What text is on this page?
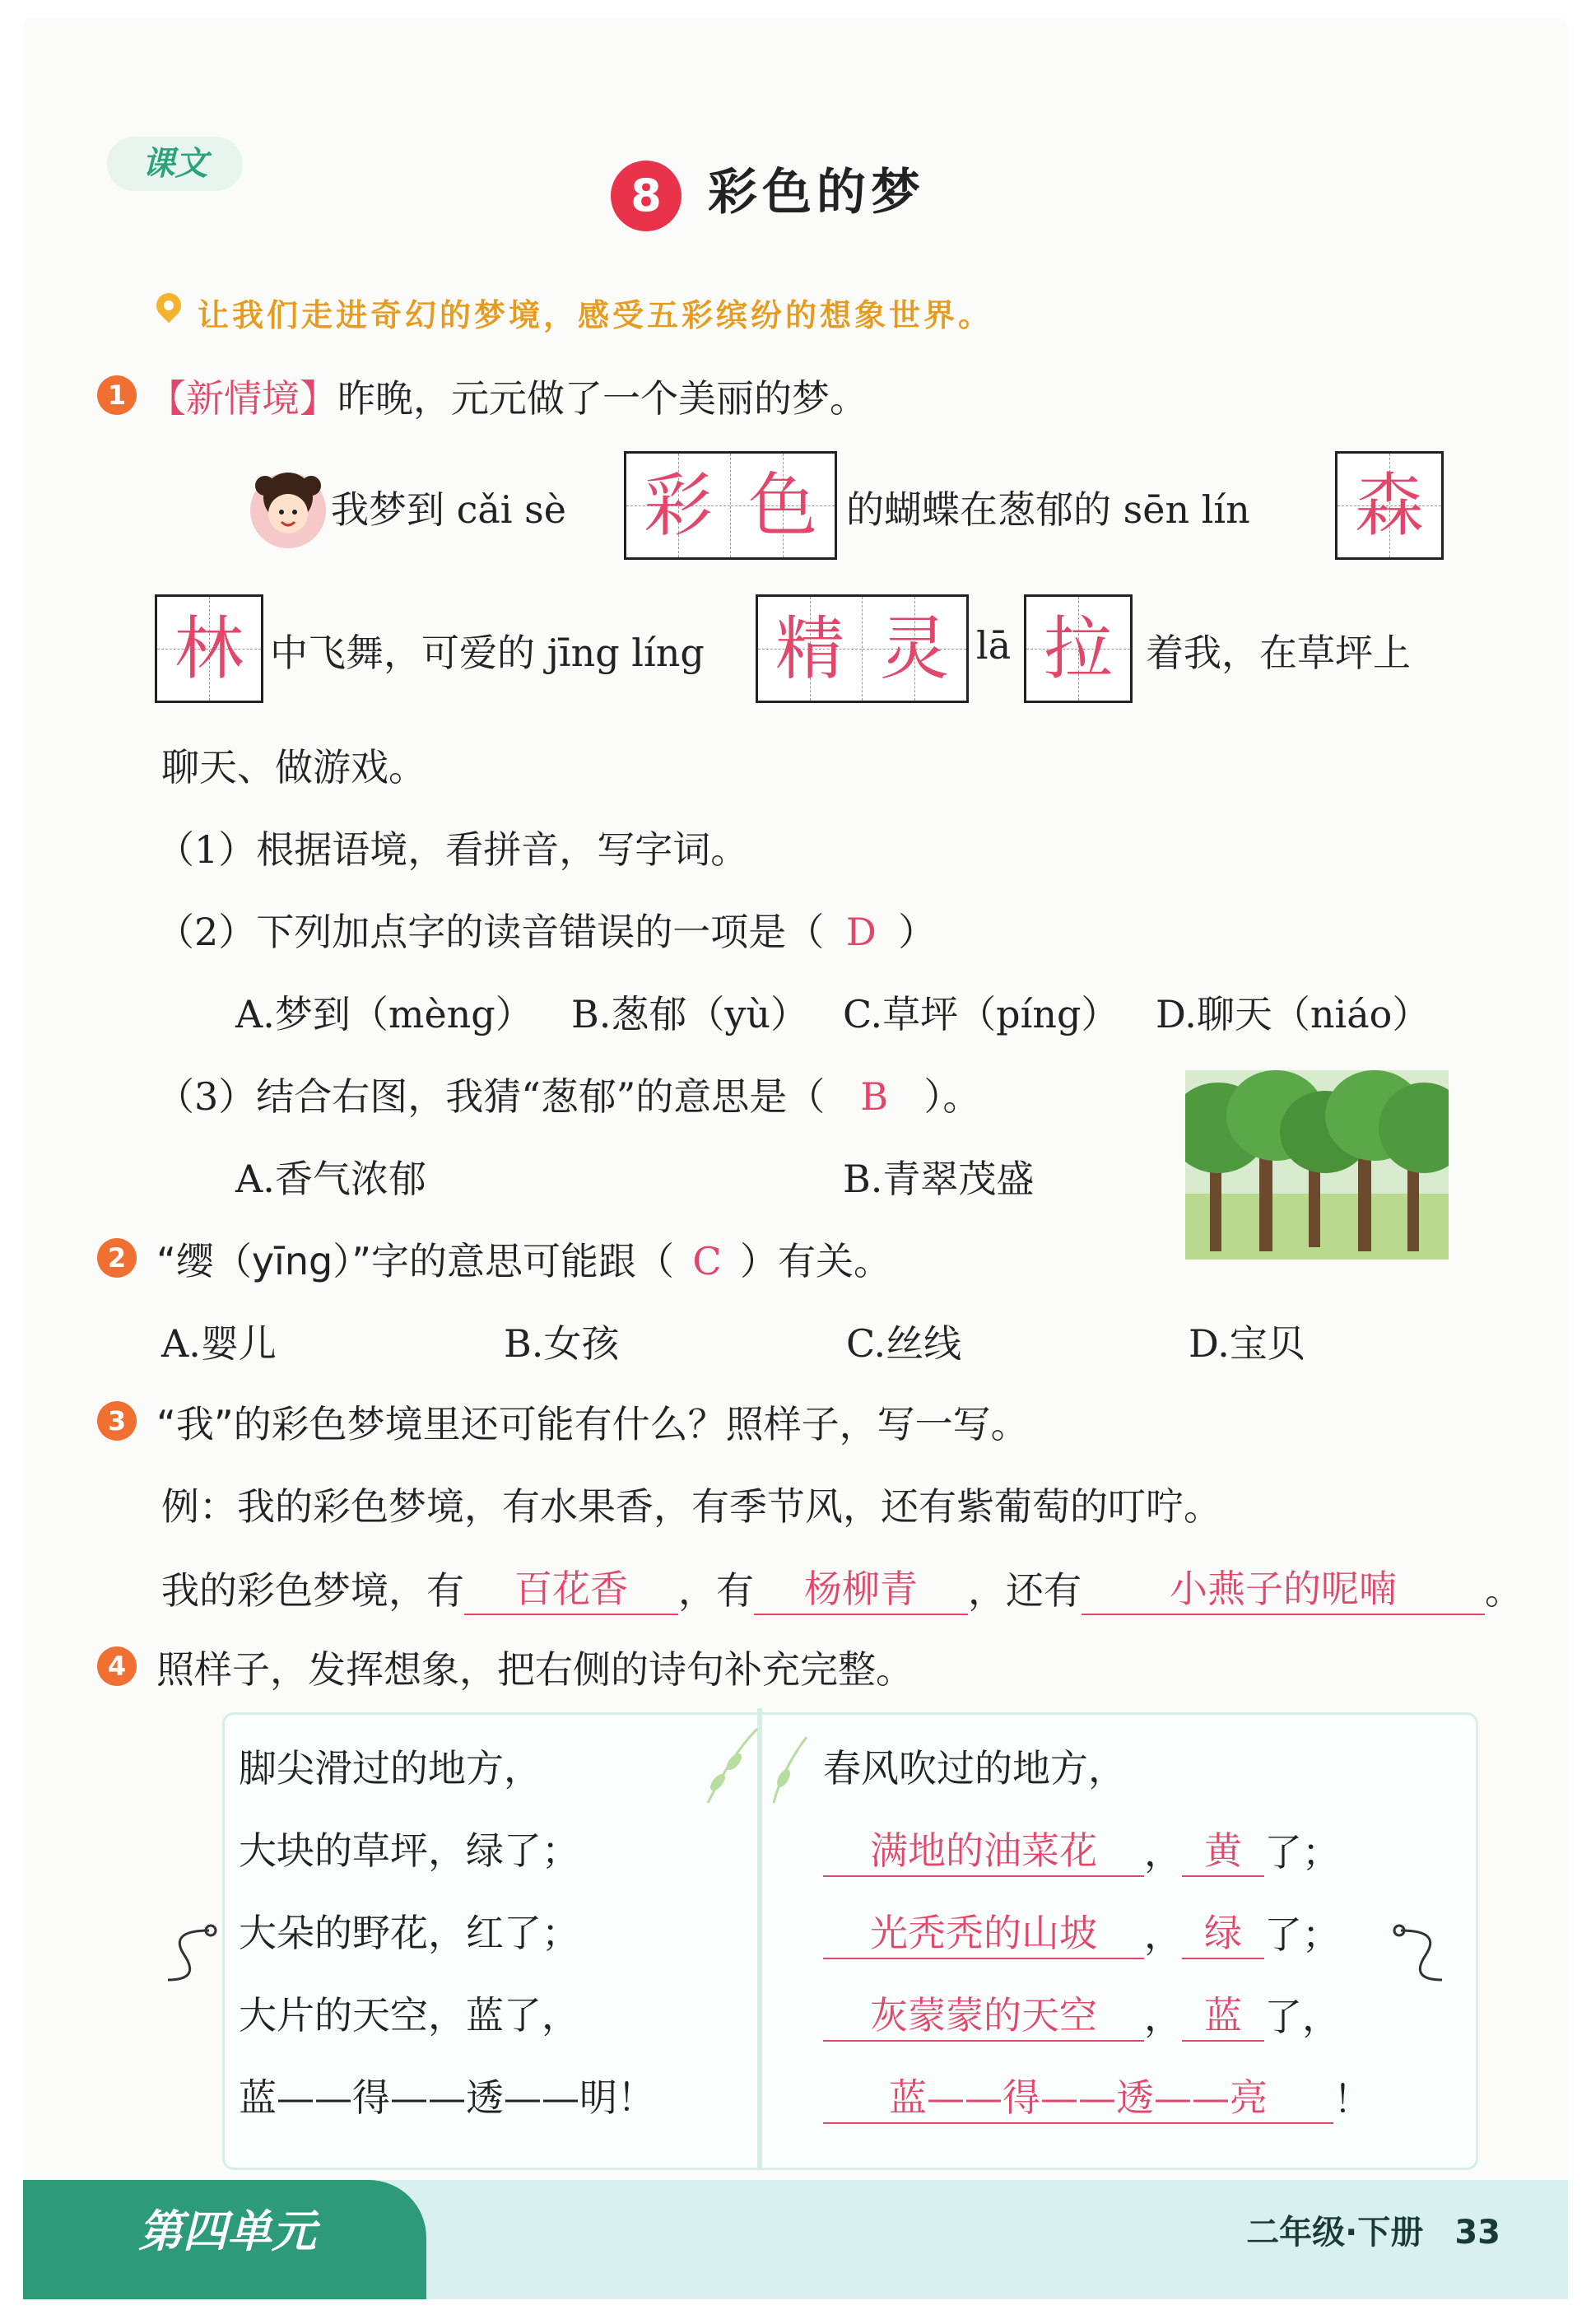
课文
8 彩色的梦
让我们走进奇幻的梦境，感受五彩缤纷的想象世界。
1 【新情境】昨晚，元元做了一个美丽的梦。
我梦到 cǎi sè 彩 色 的蝴蝶在葱郁的 sēn lín 森
林 中飞舞，可爱的 jīng líng 精 灵 lā 拉 着我，在草坪上
聊天、做游戏。
（1）根据语境，看拼音，写字词。
（2）下列加点字的读音错误的一项是（ D ）
A.梦到（mèng） B.葱郁（yù） C.草坪（píng） D.聊天（niáo）
（3）结合右图，我猜“葱郁”的意思是（ B ）。
A.香气浓郁	B.青翠茂盛
2 “缨（yīng）”字的意思可能跟（ C ）有关。
A.婴儿	B.女孩	C.丝线	D.宝贝
3 “我”的彩色梦境里还可能有什么？照样子，写一写。
例：我的彩色梦境，有水果香，有季节风，还有紫葡萄的叮咛。
我的彩色梦境，有	百花香	，有	杨柳青	，还有	小燕子的呢喃	。
4 照样子，发挥想象，把右侧的诗句补充完整。
脚尖滑过的地方，
大块的草坪，绿了；
大朵的野花，红了；
大片的天空，蓝了，
蓝——得——透——明！
春风吹过的地方，
满地的油菜花	， 黄 了；
光秃秃的山坡	， 绿 了；
灰蒙蒙的天空	， 蓝 了，
蓝——得——透——亮	！
第四单元	二年级·下册 33
